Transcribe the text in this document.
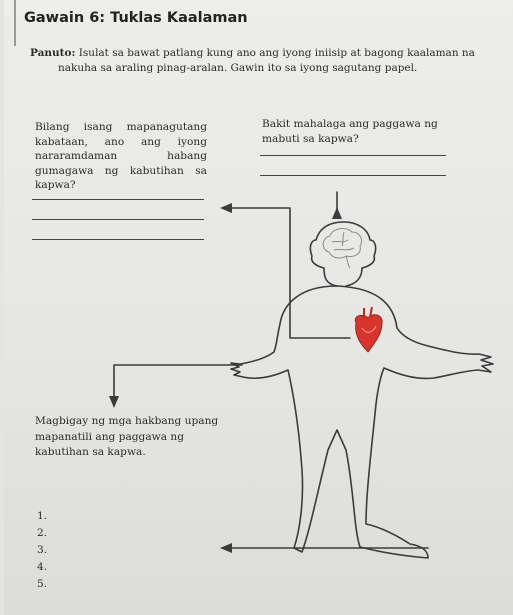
Gawain 6: Tuklas Kaalaman
Panuto: Isulat sa bawat patlang kung ano ang iyong iniisip at bagong kaalaman na
nakuha sa araling pinag-aralan. Gawin ito sa iyong sagutang papel.
Bilang isang mapanagutang kabataan, ano ang iyong nararamdaman habang gumagawa ng kabutihan sa kapwa?
Bakit mahalaga ang paggawa ng mabuti sa kapwa?
Magbigay ng mga hakbang upang mapanatili ang paggawa ng kabutihan sa kapwa.
1.
2.
3.
4.
5.
